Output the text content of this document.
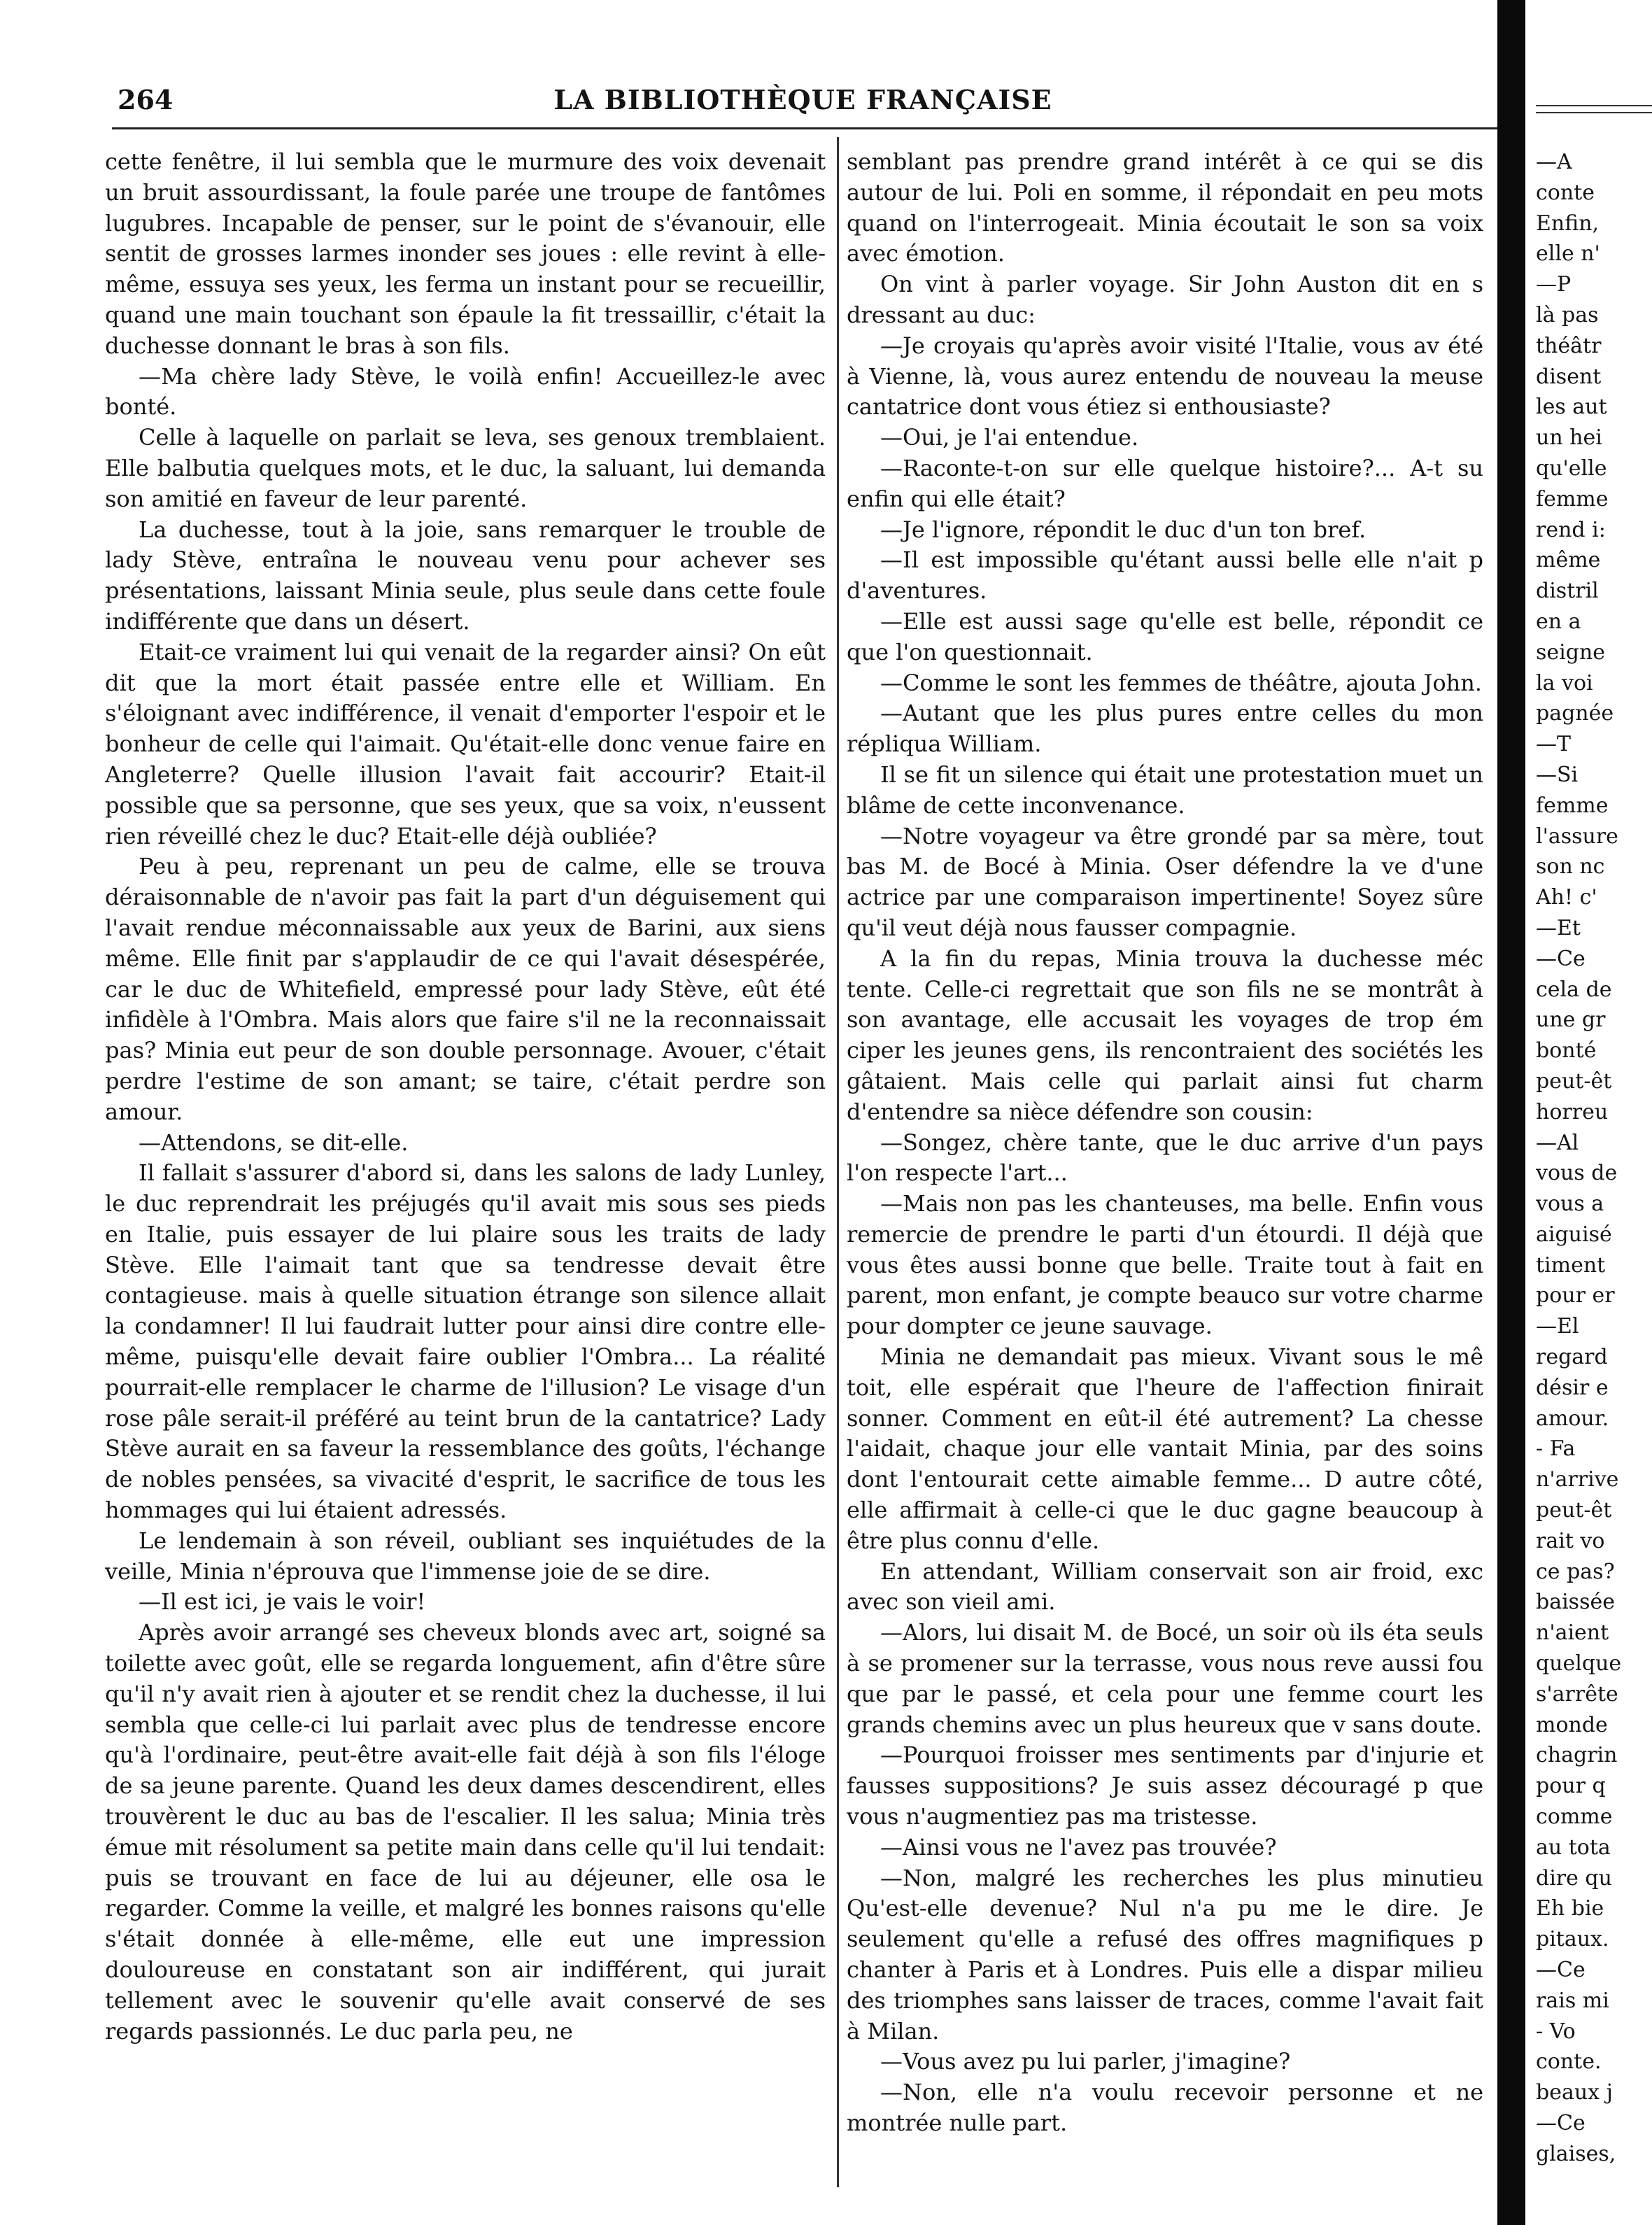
264	LA BIBLIOTHÈQUE FRANÇAISE

cette fenêtre, il lui sembla que le murmure des voix devenait un bruit assourdissant, la foule parée une troupe de fantômes lugubres. Incapable de penser, sur le point de s'évanouir, elle sentit de grosses larmes inonder ses joues : elle revint à elle-même, essuya ses yeux, les ferma un instant pour se recueillir, quand une main touchant son épaule la fit tressaillir, c'était la duchesse donnant le bras à son fils.

—Ma chère lady Stève, le voilà enfin! Accueillez-le avec bonté.

Celle à laquelle on parlait se leva, ses genoux tremblaient. Elle balbutia quelques mots, et le duc, la saluant, lui demanda son amitié en faveur de leur parenté.

La duchesse, tout à la joie, sans remarquer le trouble de lady Stève, entraîna le nouveau venu pour achever ses présentations, laissant Minia seule, plus seule dans cette foule indifférente que dans un désert.

Etait-ce vraiment lui qui venait de la regarder ainsi? On eût dit que la mort était passée entre elle et William. En s'éloignant avec indifférence, il venait d'emporter l'espoir et le bonheur de celle qui l'aimait. Qu'était-elle donc venue faire en Angleterre? Quelle illusion l'avait fait accourir? Etait-il possible que sa personne, que ses yeux, que sa voix, n'eussent rien réveillé chez le duc? Etait-elle déjà oubliée?

Peu à peu, reprenant un peu de calme, elle se trouva déraisonnable de n'avoir pas fait la part d'un déguisement qui l'avait rendue méconnaissable aux yeux de Barini, aux siens même. Elle finit par s'applaudir de ce qui l'avait désespérée, car le duc de Whitefield, empressé pour lady Stève, eût été infidèle à l'Ombra. Mais alors que faire s'il ne la reconnaissait pas? Minia eut peur de son double personnage. Avouer, c'était perdre l'estime de son amant; se taire, c'était perdre son amour.

—Attendons, se dit-elle.

Il fallait s'assurer d'abord si, dans les salons de lady Lunley, le duc reprendrait les préjugés qu'il avait mis sous ses pieds en Italie, puis essayer de lui plaire sous les traits de lady Stève. Elle l'aimait tant que sa tendresse devait être contagieuse. mais à quelle situation étrange son silence allait la condamner! Il lui faudrait lutter pour ainsi dire contre elle-même, puisqu'elle devait faire oublier l'Ombra... La réalité pourrait-elle remplacer le charme de l'illusion? Le visage d'un rose pâle serait-il préféré au teint brun de la cantatrice? Lady Stève aurait en sa faveur la ressemblance des goûts, l'échange de nobles pensées, sa vivacité d'esprit, le sacrifice de tous les hommages qui lui étaient adressés.

Le lendemain à son réveil, oubliant ses inquiétudes de la veille, Minia n'éprouva que l'immense joie de se dire.

—Il est ici, je vais le voir!

Après avoir arrangé ses cheveux blonds avec art, soigné sa toilette avec goût, elle se regarda longuement, afin d'être sûre qu'il n'y avait rien à ajouter et se rendit chez la duchesse, il lui sembla que celle-ci lui parlait avec plus de tendresse encore qu'à l'ordinaire, peut-être avait-elle fait déjà à son fils l'éloge de sa jeune parente. Quand les deux dames descendirent, elles trouvèrent le duc au bas de l'escalier. Il les salua; Minia très émue mit résolument sa petite main dans celle qu'il lui tendait: puis se trouvant en face de lui au déjeuner, elle osa le regarder. Comme la veille, et malgré les bonnes raisons qu'elle s'était donnée à elle-même, elle eut une impression douloureuse en constatant son air indifférent, qui jurait tellement avec le souvenir qu'elle avait conservé de ses regards passionnés. Le duc parla peu, ne

semblant pas prendre grand intérêt à ce qui se dis autour de lui. Poli en somme, il répondait en peu mots quand on l'interrogeait. Minia écoutait le son sa voix avec émotion.

On vint à parler voyage. Sir John Auston dit en s dressant au duc:

—Je croyais qu'après avoir visité l'Italie, vous av été à Vienne, là, vous aurez entendu de nouveau la meuse cantatrice dont vous étiez si enthousiaste?

—Oui, je l'ai entendue.

—Raconte-t-on sur elle quelque histoire?... A-t su enfin qui elle était?

—Je l'ignore, répondit le duc d'un ton bref.

—Il est impossible qu'étant aussi belle elle n'ait p d'aventures.

—Elle est aussi sage qu'elle est belle, répondit ce que l'on questionnait.

—Comme le sont les femmes de théâtre, ajouta John.

—Autant que les plus pures entre celles du mon répliqua William.

Il se fit un silence qui était une protestation muet un blâme de cette inconvenance.

—Notre voyageur va être grondé par sa mère, tout bas M. de Bocé à Minia. Oser défendre la ve d'une actrice par une comparaison impertinente! Soyez sûre qu'il veut déjà nous fausser compagnie.

A la fin du repas, Minia trouva la duchesse méc tente. Celle-ci regrettait que son fils ne se montrât à son avantage, elle accusait les voyages de trop ém ciper les jeunes gens, ils rencontraient des sociétés les gâtaient. Mais celle qui parlait ainsi fut charm d'entendre sa nièce défendre son cousin:

—Songez, chère tante, que le duc arrive d'un pays l'on respecte l'art...

—Mais non pas les chanteuses, ma belle. Enfin vous remercie de prendre le parti d'un étourdi. Il déjà que vous êtes aussi bonne que belle. Traite tout à fait en parent, mon enfant, je compte beauco sur votre charme pour dompter ce jeune sauvage.

Minia ne demandait pas mieux. Vivant sous le mê toit, elle espérait que l'heure de l'affection finirait sonner. Comment en eût-il été autrement? La chesse l'aidait, chaque jour elle vantait Minia, par des soins dont l'entourait cette aimable femme... D autre côté, elle affirmait à celle-ci que le duc gagne beaucoup à être plus connu d'elle.

En attendant, William conservait son air froid, exc avec son vieil ami.

—Alors, lui disait M. de Bocé, un soir où ils éta seuls à se promener sur la terrasse, vous nous reve aussi fou que par le passé, et cela pour une femme court les grands chemins avec un plus heureux que v sans doute.

—Pourquoi froisser mes sentiments par d'injurie et fausses suppositions? Je suis assez découragé p que vous n'augmentiez pas ma tristesse.

—Ainsi vous ne l'avez pas trouvée?

—Non, malgré les recherches les plus minutieu Qu'est-elle devenue? Nul n'a pu me le dire. Je seulement qu'elle a refusé des offres magnifiques p chanter à Paris et à Londres. Puis elle a dispar milieu des triomphes sans laisser de traces, comme l'avait fait à Milan.

—Vous avez pu lui parler, j'imagine?

—Non, elle n'a voulu recevoir personne et ne montrée nulle part.

—A
conte
Enfin,
elle n'
—P
là pas
théâtr
disent
les aut
un hei
qu'elle
femme
rend i:
même
distril
en a
seigne
la voi
pagnée
—T
—Si
femme
l'assure
son nc
Ah! c'
—Et
—Ce
cela de
une gr
bonté
peut-êt
horreu
—Al
vous de
vous a
aiguisé
timent
pour er
—El
regard
désir e
amour.
- Fa
n'arrive
peut-êt
rait vo
ce pas?
baissée
n'aient
quelque
s'arrête
monde
chagrin
pour q
comme
au tota
dire qu
Eh bie
pitaux.
—Ce
rais mi
- Vo
conte.
beaux j
—Ce
glaises,
